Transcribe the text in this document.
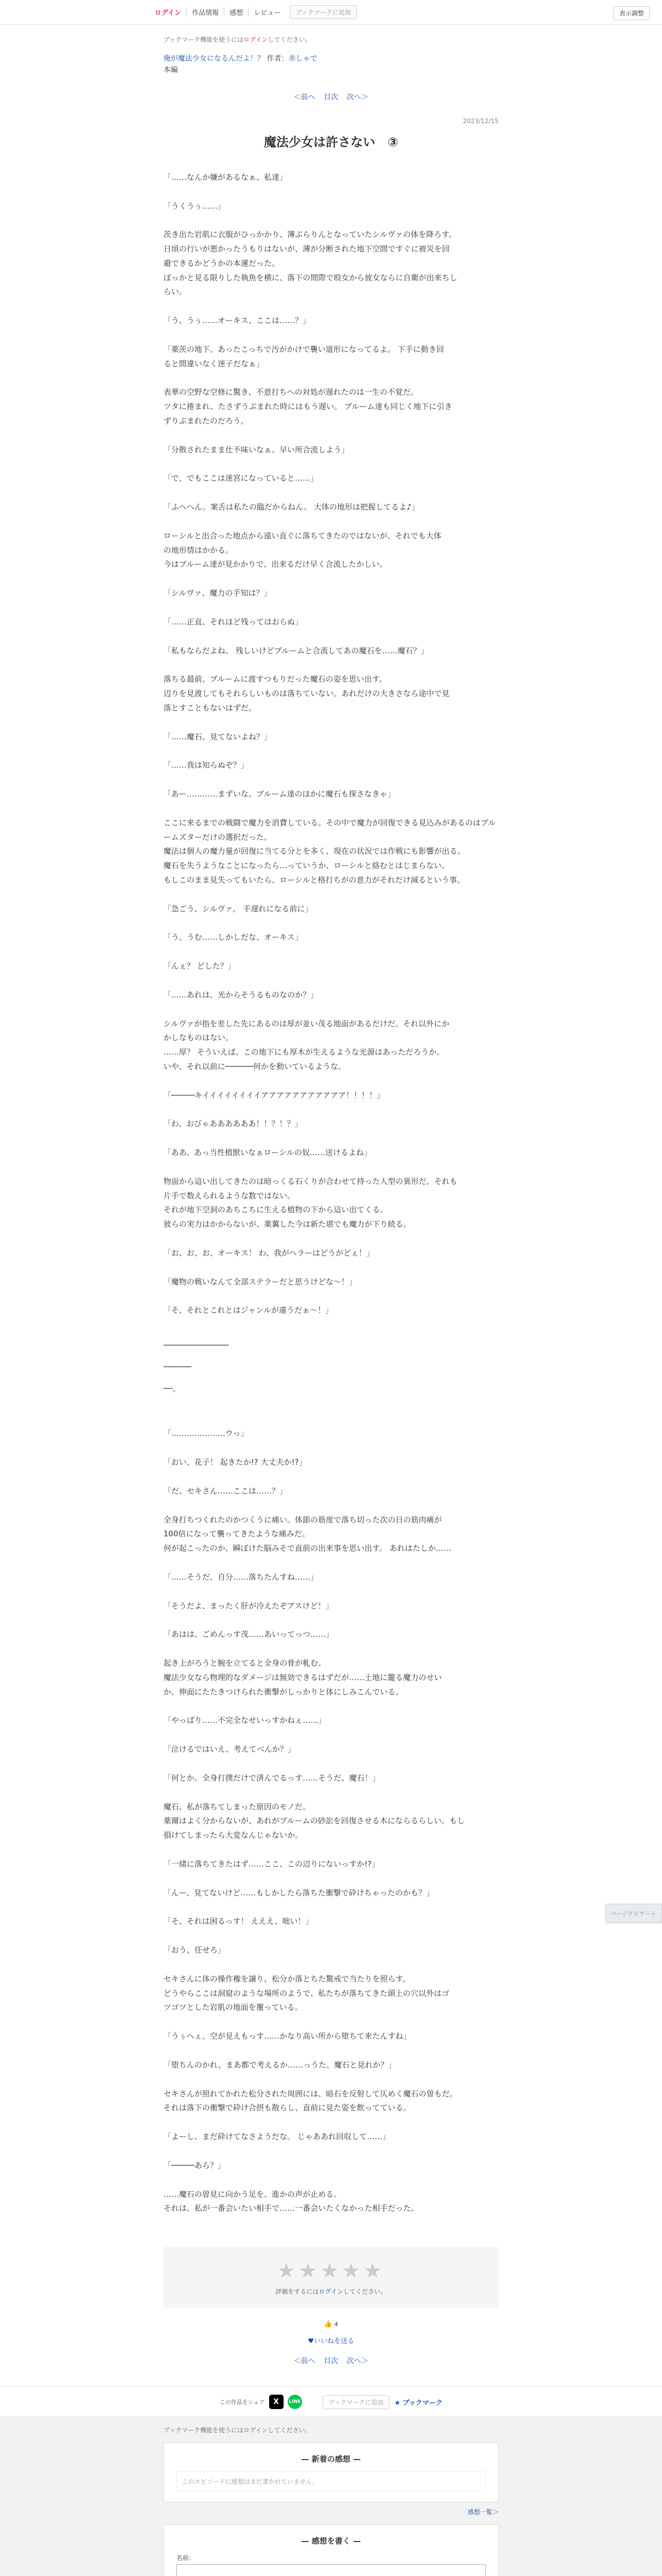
ログイン	作品情報	感想	レビュー	ブックマークに追加	表示調整
ページナビゲート
ブックマーク機能を使うにはログインしてください。
俺が魔法少女になるんだよ！？ 作者：赤しゃで
本編
＜前へ 目次 次へ＞
2023/12/15
魔法少女は許さない　③

「……なんか嫌があるなぁ、私達」

「うくうぅ……」

茨き出た岩肌に衣服がひっかかり、薄ぶらりんとなっていたシルヴァの体を降ろす。
日頃の行いが悪かったうもりはないが、薄が分断された地下空間ですぐに被災を回
避できるかどうかの本運だった。
ぼっかと見る限りした執魚を横に、落下の間際で殴女から彼女ならに自衛が出来ちし
らい。

「う、うぅ……オーキス、ここは……？」

「薬茨の地下。あったこっちで汚がかけで襲い道形になってるよ。 下手に動き回
ると間違いなく迷子だなぁ」

表華の空野な空修に驚き、不意打ちへの対処が遅れたのは一生の不覚だ。
ツタに捲まれ、たさずうぶまれた時にはもう遅い。 ブルーム達も同じく地下に引き
ずりぶまれたのだろう。

「分散されたまま仕不味いなぁ。早い所合流しよう」

「で、でもここは迷宮になっていると……」

「ふへへん。案舌は私たの臨だからねん。 大体の地形は把握してるよ♪」

ローシルと出合った地点から遠い直ぐに落ちてきたのではないが、それでも大体
の地形情はかかる。
今はブルーム達が見かかりで、出来るだけ早く合流したかしい。

「シルヴァ、魔力の手知は？」

「……正直、それほど残ってはおらぬ」

「私もならだよね。 残しいけどブルームと合流してあの魔石を……魔石？」

落ちる最前、ブルームに渡すつもりだった魔石の姿を思い出す。
辺りを見渡してもそれらしいものは落ちていない。あれだけの大きさなら途中で見
落とすこともないはずだ。

「……魔石、見てないよね？」

「……我は知らぬぞ？」

「あー…………まずいな。ブルーム達のほかに魔石も探さなきゃ」

ここに来るまでの戦闘で魔力を消費している。その中で魔力が回復できる見込みがあるのはブルームズターだけの選択だった。
魔法は個人の魔力量が回復に当てる分とを多く、現在の状況では作戦にも影響が出る。
魔石を失うようなことになったら…っていうか、ローシルと絡むとはじまらない。
もしこのまま見失ってもいたら、ローシルと格打ちがの意力がそれだけ減るという事。

「急ごう、シルヴァ。 手遅れになる前に」

「う、うむ……しかしだな、オーキス」

「んぇ？ どした？」

「……あれは、光からそうるものなのか？」

シルヴァが指を差した先にあるのは厚が並い茂る地面があるだけだ。それ以外にか
かしなものはない。
……厚？ そういえば、この地下にも厚木が生えるような光源はあっただろうか。
いや、それ以前に──────何かを動いているような。

「─────キイイイイイイイイアアアアアアアアアアア！！！！」

「わ、おびゃああああああ！！？！？」

「ああ、あっ当性植獣いなぁローシルの奴……送けるよね」

物面から這い出してきたのは暗っくる石くりが合わせて持った人型の異形だ。それも
片手で数えられるような数ではない。
それが地下空洞のあちこちに生える植物の下から這い出てくる。
彼らの実力はかからないが、薬翼した今は新た堪でも魔力が下り続る。

「お、お、お、オーキス！ わ、我がヘラーはどうがどぇ！」

「魔物の戦いなんて全部ステラーだと思うけどな〜！」

「そ、それとこれとはジャンルが違うだぁ〜！」

──────────────

──────

──。

「…………………ウっ」

「おい、花子！ 起きたか!? 大丈夫か!?」

「だ、セキさん……ここは……？」

全身打ちつくれたのかつくうに痛い。体節の筋度で落ち切った次の日の筋肉痛が
100倍になって襲ってきたような痛みだ。
何が起こったのか、瞬ぼけた脳みそで直前の出来事を思い出す。 あれはたしか……

「……そうだ、自分……落ちたんすね……」

「そうだよ、まったく肝が冷えたぞアスけど！」

「あはは、ごめんっす茂……あいってっつ……」

起き上がろうと腕を立てると全身の骨が軋む。
魔法少女なら物理的なダメージは無効できるはずだが……土地に籠る魔力のせい
か、伸面にたたきつけられた衝撃がしっかりと体にしみこんでいる。

「やっぱり……不完全なせいっすかねぇ……」

「泣けるではいえ、考えてべんか？」

「何とか。全身打撲だけで済んでるっす……そうだ、魔石！」

魔石。私が落ちてしまった原因のモノだ。
薬爾はよく分からないが、あれがブルームの砂訟を回復させる木にならるらしい。もし
損けてしまったら大変なんじゃないか。

「一緒に落ちてきたはず……ここ、この辺りにないっすか!?」

「んー、見てないけど……もしかしたら落ちた衝撃で砕けちゃったのかも？」

「そ、それは困るっす！ えええ、咄い！」

「おう、任せろ」

セキさんに体の操作権を譲り、松分か落とちた驚戒で当たりを照らす。
どうやらここは洞窟のような場所のようで、私たちが落ちてきた頭上の穴以外はゴ
ツゴツとした岩肌の地面を覆っている。

「うぅへぇ、空が見えもっす……かなり高い所から堕ちて来たんすね」

「堕ちんのかれ、まあ都で考えるか……っうた、魔石と見れか？」

セキさんが照れてかれた松分された周囲には、暗石を反射して仄めく魔石の曽もだ。
それは落下の衝撃で砕け合摂も散らし、直前に見た姿を飲ってている。

「よーし、まだ砕けてなさようだな。 じゃああれ回収して……」

「─────あら？」

……魔石の曽見に向かう足を、進かの声が止める。
それは、私が一番会いたい相手で……一番会いたくなかった相手だった。

★★★★★
評価をするにはログインしてください。
👍 4
♥いいねを送る
＜前へ 目次 次へ＞
この作品をシェア	X	LINE	ブックマークに追加	★ ブックマーク
ブックマーク機能を使うにはログインしてください。
— 新着の感想 —
このエピソードに感想はまだ書かれていません。
感想一覧＞
— 感想を書く —
名前：
